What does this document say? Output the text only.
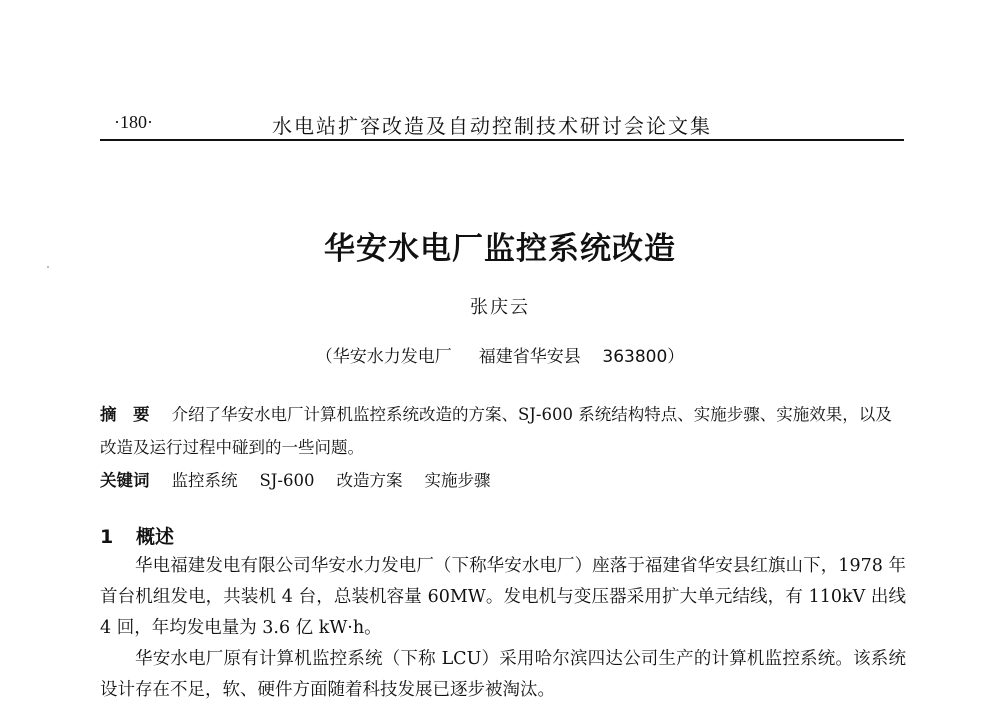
·180·	水电站扩容改造及自动控制技术研讨会论文集
华安水电厂监控系统改造
张庆云
（华安水力发电厂 福建省华安县 363800）
摘　要 介绍了华安水电厂计算机监控系统改造的方案、SJ-600 系统结构特点、实施步骤、实施效果，以及改造及运行过程中碰到的一些问题。
关键词 监控系统 SJ-600 改造方案 实施步骤
1 概述

华电福建发电有限公司华安水力发电厂（下称华安水电厂）座落于福建省华安县红旗山下，1978 年首台机组发电，共装机 4 台，总装机容量 60MW。发电机与变压器采用扩大单元结线，有 110kV 出线 4 回，年均发电量为 3.6 亿 kW·h。

华安水电厂原有计算机监控系统（下称 LCU）采用哈尔滨四达公司生产的计算机监控系统。该系统设计存在不足，软、硬件方面随着科技发展已逐步被淘汰。
